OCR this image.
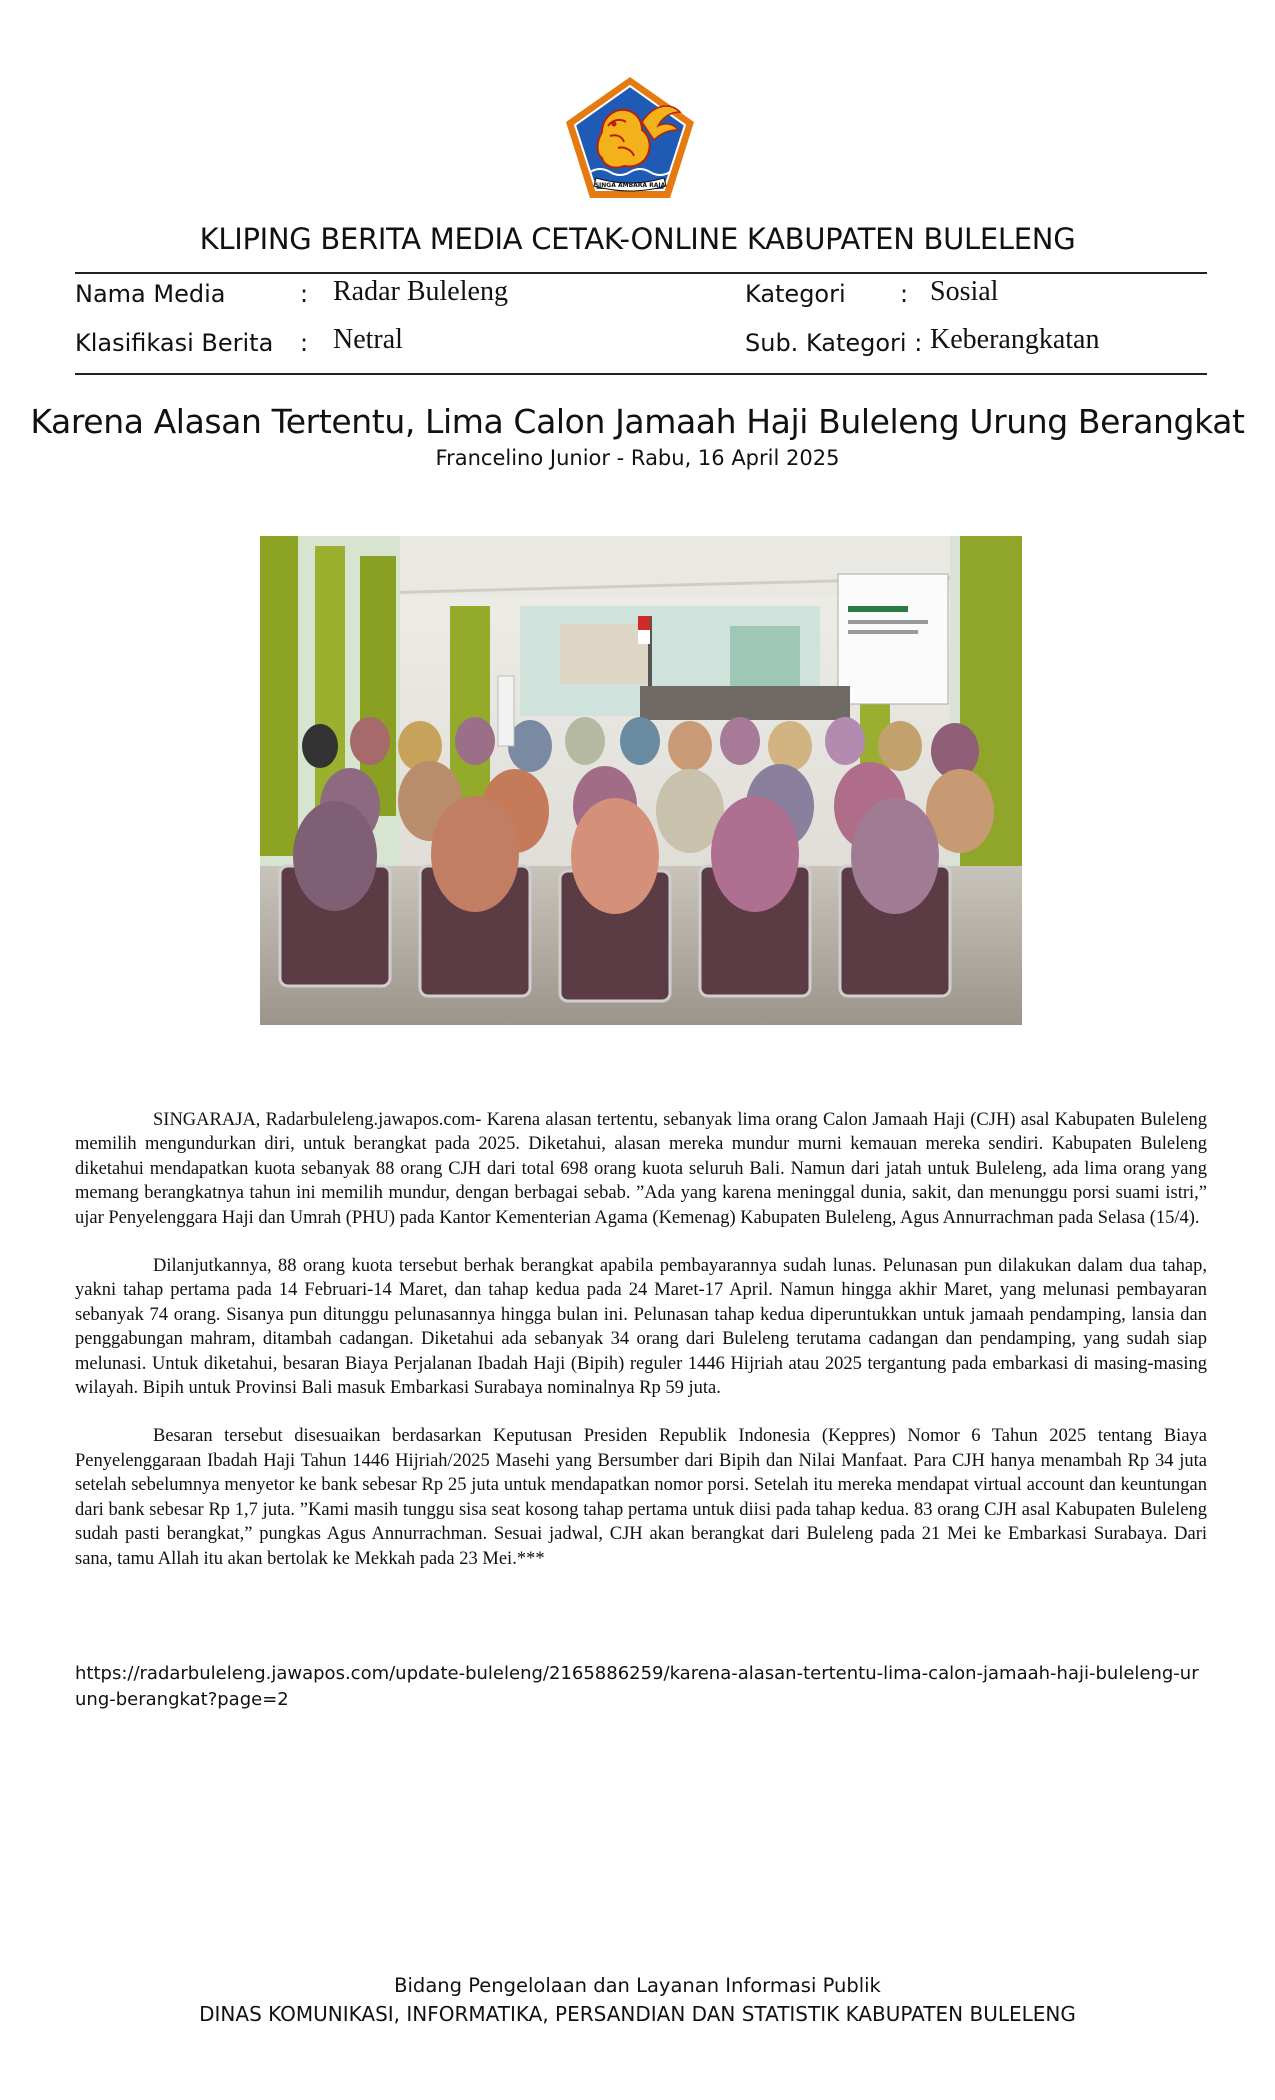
SINGA AMBARA RAJA
KLIPING BERITA MEDIA CETAK-ONLINE KABUPATEN BULELENG
Nama Media	: Radar Buleleng
Klasifikasi Berita : Netral
Kategori : Sosial
Sub. Kategori : Keberangkatan
Karena Alasan Tertentu, Lima Calon Jamaah Haji Buleleng Urung Berangkat
Francelino Junior - Rabu, 16 April 2025

SINGARAJA, Radarbuleleng.jawapos.com- Karena alasan tertentu, sebanyak lima orang Calon Jamaah Haji (CJH) asal Kabupaten Buleleng memilih mengundurkan diri, untuk berangkat pada 2025. Diketahui, alasan mereka mundur murni kemauan mereka sendiri. Kabupaten Buleleng diketahui mendapatkan kuota sebanyak 88 orang CJH dari total 698 orang kuota seluruh Bali. Namun dari jatah untuk Buleleng, ada lima orang yang memang berangkatnya tahun ini memilih mundur, dengan berbagai sebab. ”Ada yang karena meninggal dunia, sakit, dan menunggu porsi suami istri,” ujar Penyelenggara Haji dan Umrah (PHU) pada Kantor Kementerian Agama (Kemenag) Kabupaten Buleleng, Agus Annurrachman pada Selasa (15/4).

Dilanjutkannya, 88 orang kuota tersebut berhak berangkat apabila pembayarannya sudah lunas. Pelunasan pun dilakukan dalam dua tahap, yakni tahap pertama pada 14 Februari-14 Maret, dan tahap kedua pada 24 Maret-17 April. Namun hingga akhir Maret, yang melunasi pembayaran sebanyak 74 orang. Sisanya pun ditunggu pelunasannya hingga bulan ini. Pelunasan tahap kedua diperuntukkan untuk jamaah pendamping, lansia dan penggabungan mahram, ditambah cadangan. Diketahui ada sebanyak 34 orang dari Buleleng terutama cadangan dan pendamping, yang sudah siap melunasi. Untuk diketahui, besaran Biaya Perjalanan Ibadah Haji (Bipih) reguler 1446 Hijriah atau 2025 tergantung pada embarkasi di masing-masing wilayah. Bipih untuk Provinsi Bali masuk Embarkasi Surabaya nominalnya Rp 59 juta.

Besaran tersebut disesuaikan berdasarkan Keputusan Presiden Republik Indonesia (Keppres) Nomor 6 Tahun 2025 tentang Biaya Penyelenggaraan Ibadah Haji Tahun 1446 Hijriah/2025 Masehi yang Bersumber dari Bipih dan Nilai Manfaat. Para CJH hanya menambah Rp 34 juta setelah sebelumnya menyetor ke bank sebesar Rp 25 juta untuk mendapatkan nomor porsi. Setelah itu mereka mendapat virtual account dan keuntungan dari bank sebesar Rp 1,7 juta. ”Kami masih tunggu sisa seat kosong tahap pertama untuk diisi pada tahap kedua. 83 orang CJH asal Kabupaten Buleleng sudah pasti berangkat,” pungkas Agus Annurrachman. Sesuai jadwal, CJH akan berangkat dari Buleleng pada 21 Mei ke Embarkasi Surabaya. Dari sana, tamu Allah itu akan bertolak ke Mekkah pada 23 Mei.***

https://radarbuleleng.jawapos.com/update-buleleng/2165886259/karena-alasan-tertentu-lima-calon-jamaah-haji-buleleng-urung-berangkat?page=2
Bidang Pengelolaan dan Layanan Informasi Publik
DINAS KOMUNIKASI, INFORMATIKA, PERSANDIAN DAN STATISTIK KABUPATEN BULELENG
